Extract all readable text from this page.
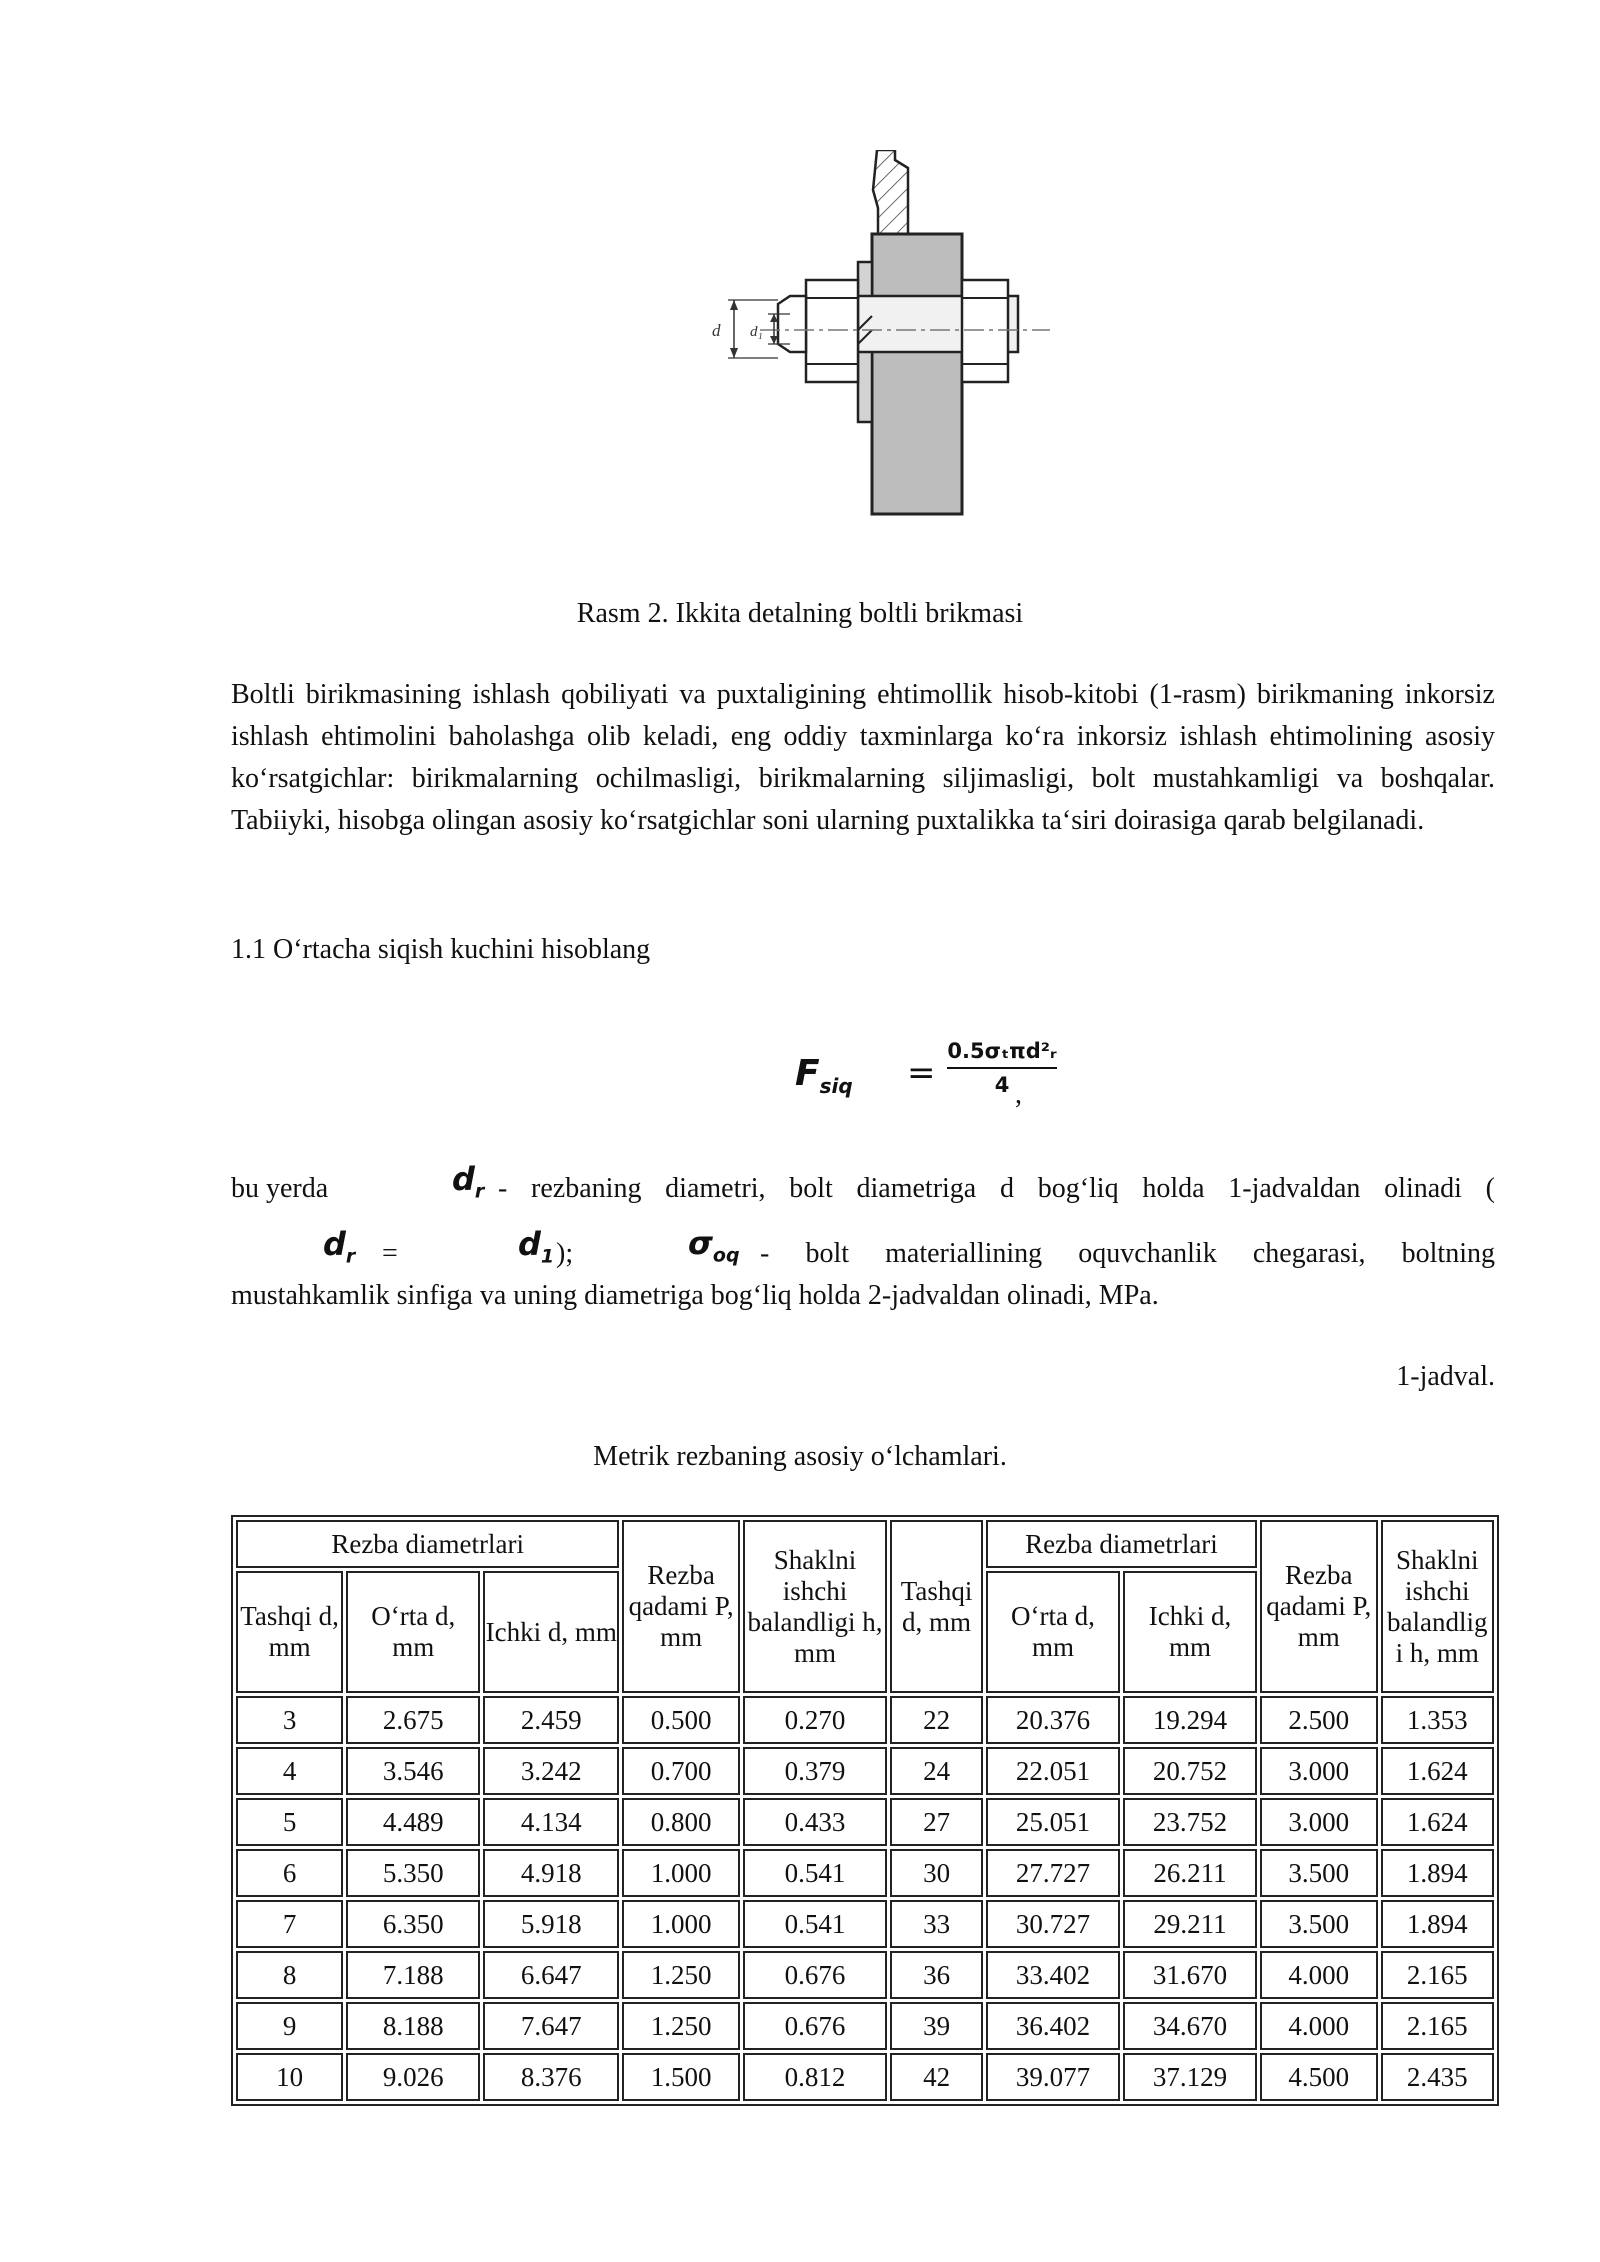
d d₁
Rasm 2. Ikkita detalning boltli brikmasi

Boltli birikmasining ishlash qobiliyati va puxtaligining ehtimollik hisob-kitobi (1-rasm) birikmaning inkorsiz ishlash ehtimolini baholashga olib keladi, eng oddiy taxminlarga ko‘ra inkorsiz ishlash ehtimolining asosiy ko‘rsatgichlar: birikmalarning ochilmasligi, birikmalarning siljimasligi, bolt mustahkamligi va boshqalar. Tabiiyki, hisobga olingan asosiy ko‘rsatgichlar soni ularning puxtalikka ta‘siri doirasiga qarab belgilanadi.

1.1 O‘rtacha siqish kuchini hisoblang
$F_{siq}$ =
0.5σₜπd²ᵣ
4 ,
bu yerda	$d_r$ - rezbaning diametri, bolt diametriga d bog‘liq holda 1-jadvaldan olinadi (
$d_r$ =	$d_1$ );	$\sigma_{oq}$ - bolt materiallining oquvchanlik chegarasi, boltning
mustahkamlik sinfiga va uning diametriga bog‘liq holda 2-jadvaldan olinadi, MPa.
1-jadval.
Metrik rezbaning asosiy o‘lchamlari.
Rezba diametrlari			Rezba qadami P, mm	Shaklni ishchi balandligi h, mm	Tashqi d, mm	Rezba diametrlari		Rezba qadami P, mm	Shaklni ishchi balandlig i h, mm
Tashqi d, mm	O‘rta d, mm	Ichki d, mm				O‘rta d, mm	Ichki d, mm		
3	2.675	2.459	0.500	0.270	22	20.376	19.294	2.500	1.353
4	3.546	3.242	0.700	0.379	24	22.051	20.752	3.000	1.624
5	4.489	4.134	0.800	0.433	27	25.051	23.752	3.000	1.624
6	5.350	4.918	1.000	0.541	30	27.727	26.211	3.500	1.894
7	6.350	5.918	1.000	0.541	33	30.727	29.211	3.500	1.894
8	7.188	6.647	1.250	0.676	36	33.402	31.670	4.000	2.165
9	8.188	7.647	1.250	0.676	39	36.402	34.670	4.000	2.165
10	9.026	8.376	1.500	0.812	42	39.077	37.129	4.500	2.435
